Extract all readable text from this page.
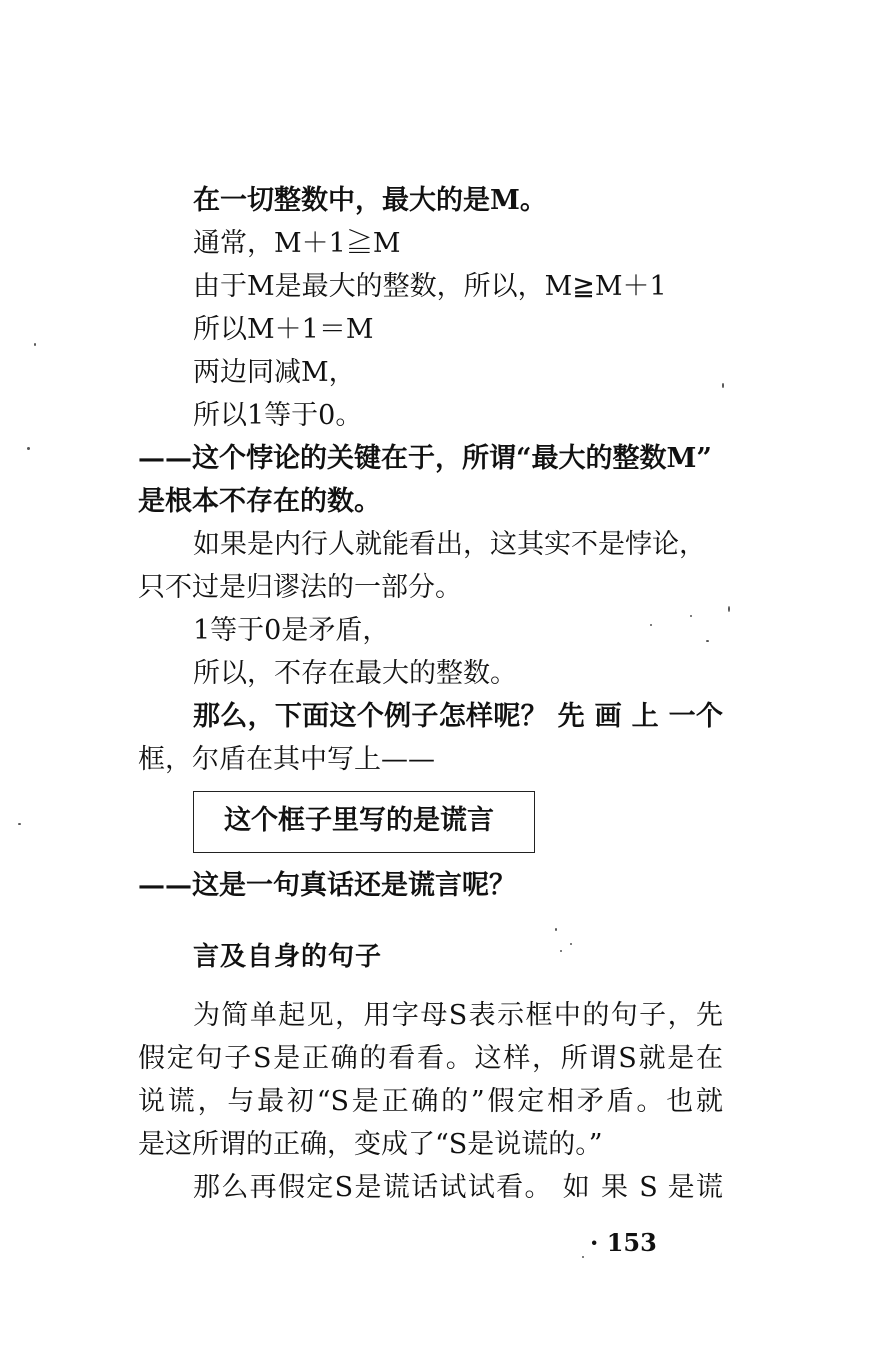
在一切整数中，最大的是M。
通常，M＋1≧M
由于M是最大的整数，所以，M≧M＋1
所以M＋1＝M
两边同减M，
所以1等于0。
——这个悖论的关键在于，所谓“最大的整数M”
是根本不存在的数。
如果是内行人就能看出，这其实不是悖论，
只不过是归谬法的一部分。
1等于0是矛盾，
所以，不存在最大的整数。
那么，下面这个例子怎样呢？ 先 画 上 一个
框，尔盾在其中写上——
这个框子里写的是谎言
——这是一句真话还是谎言呢？
言及自身的句子
为简单起见，用字母S表示框中的句子，先
假定句子S是正确的看看。这样，所谓S就是在
说谎，与最初“S是正确的”假定相矛盾。也就
是这所谓的正确，变成了“S是说谎的。”
那么再假定S是谎话试试看。 如 果 S 是谎
· 153
